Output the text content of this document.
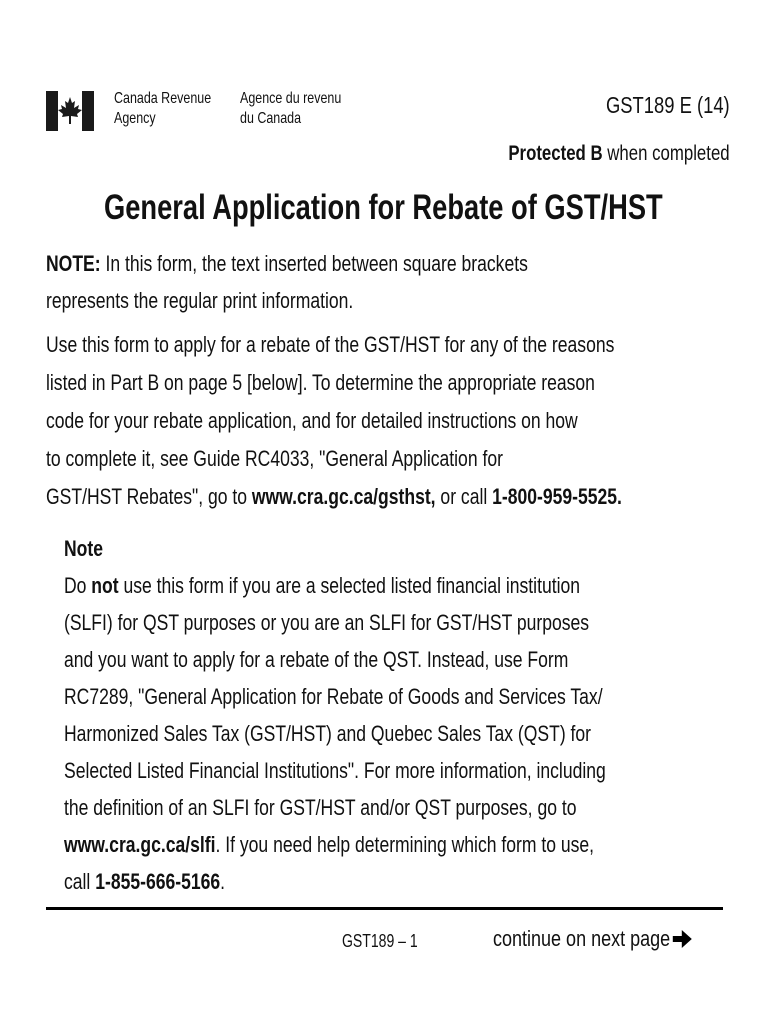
Canada Revenue
Agency
Agence du revenu
du Canada
GST189 E (14)
Protected B when completed
General Application for Rebate of GST/HST
NOTE: In this form, the text inserted between square brackets
represents the regular print information.
Use this form to apply for a rebate of the GST/HST for any of the reasons
listed in Part B on page 5 [below]. To determine the appropriate reason
code for your rebate application, and for detailed instructions on how
to complete it, see Guide RC4033, "General Application for
GST/HST Rebates", go to www.cra.gc.ca/gsthst, or call 1-800-959-5525.
Note
Do not use this form if you are a selected listed financial institution
(SLFI) for QST purposes or you are an SLFI for GST/HST purposes
and you want to apply for a rebate of the QST. Instead, use Form
RC7289, "General Application for Rebate of Goods and Services Tax/
Harmonized Sales Tax (GST/HST) and Quebec Sales Tax (QST) for
Selected Listed Financial Institutions". For more information, including
the definition of an SLFI for GST/HST and/or QST purposes, go to
www.cra.gc.ca/slfi. If you need help determining which form to use,
call 1-855-666-5166.
GST189 – 1	continue on next page
